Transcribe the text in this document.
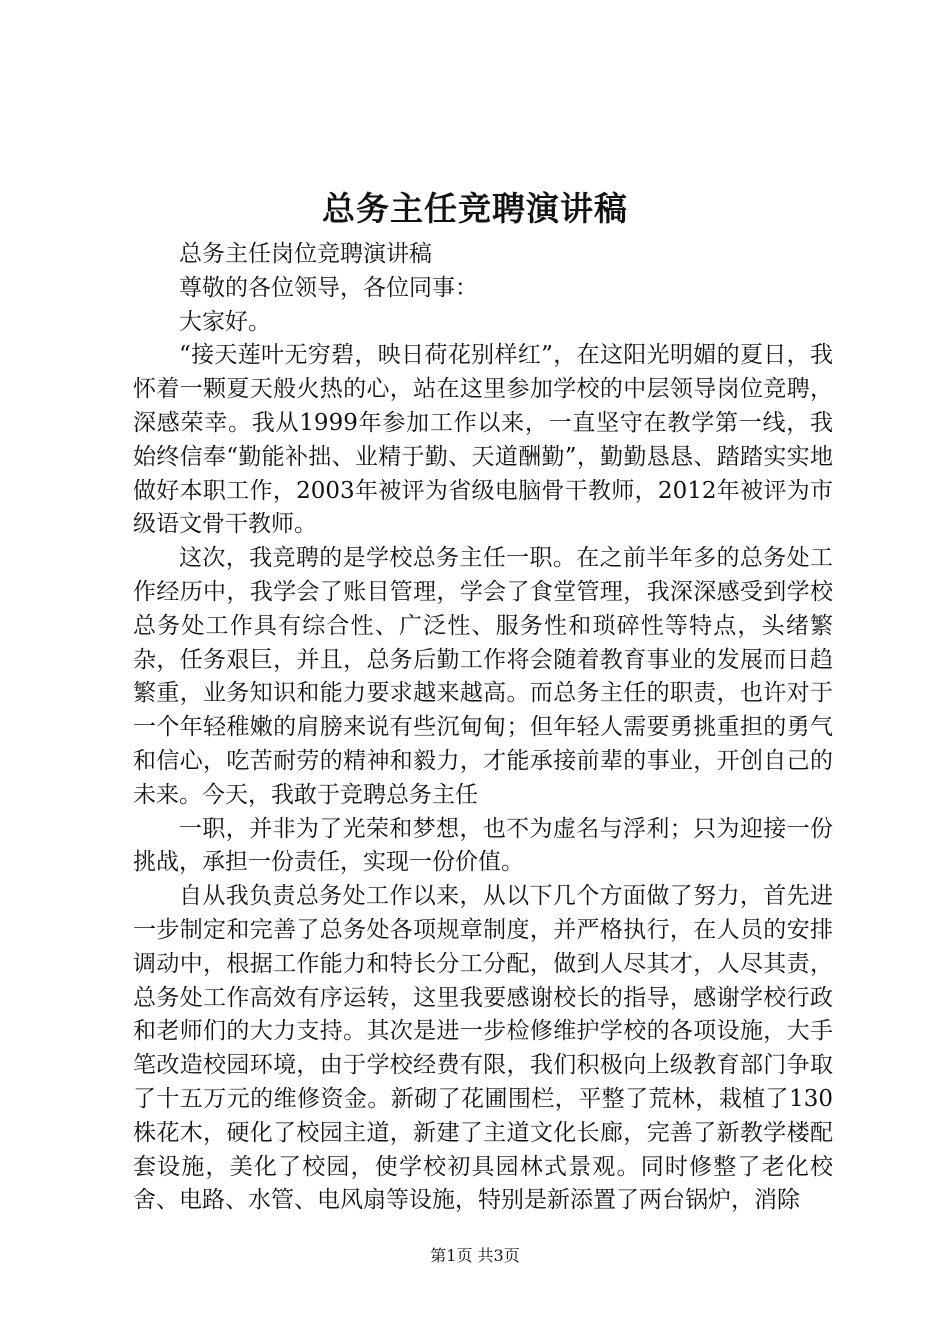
总务主任竞聘演讲稿

总务主任岗位竞聘演讲稿

尊敬的各位领导，各位同事：

大家好。

“接天莲叶无穷碧，映日荷花别样红”，在这阳光明媚的夏日，我怀着一颗夏天般火热的心，站在这里参加学校的中层领导岗位竞聘，深感荣幸。我从1999年参加工作以来，一直坚守在教学第一线，我始终信奉“勤能补拙、业精于勤、天道酬勤”，勤勤恳恳、踏踏实实地做好本职工作，2003年被评为省级电脑骨干教师，2012年被评为市级语文骨干教师。

这次，我竞聘的是学校总务主任一职。在之前半年多的总务处工作经历中，我学会了账目管理，学会了食堂管理，我深深感受到学校总务处工作具有综合性、广泛性、服务性和琐碎性等特点，头绪繁杂，任务艰巨，并且，总务后勤工作将会随着教育事业的发展而日趋繁重，业务知识和能力要求越来越高。而总务主任的职责，也许对于一个年轻稚嫩的肩膀来说有些沉甸甸；但年轻人需要勇挑重担的勇气和信心，吃苦耐劳的精神和毅力，才能承接前辈的事业，开创自己的未来。今天，我敢于竞聘总务主任

一职，并非为了光荣和梦想，也不为虚名与浮利；只为迎接一份挑战，承担一份责任，实现一份价值。

自从我负责总务处工作以来，从以下几个方面做了努力，首先进一步制定和完善了总务处各项规章制度，并严格执行，在人员的安排调动中，根据工作能力和特长分工分配，做到人尽其才，人尽其责，总务处工作高效有序运转，这里我要感谢校长的指导，感谢学校行政和老师们的大力支持。其次是进一步检修维护学校的各项设施，大手笔改造校园环境，由于学校经费有限，我们积极向上级教育部门争取了十五万元的维修资金。新砌了花圃围栏，平整了荒林，栽植了130株花木，硬化了校园主道，新建了主道文化长廊，完善了新教学楼配套设施，美化了校园，使学校初具园林式景观。同时修整了老化校舍、电路、水管、电风扇等设施，特别是新添置了两台锅炉，消除

第1页 共3页
